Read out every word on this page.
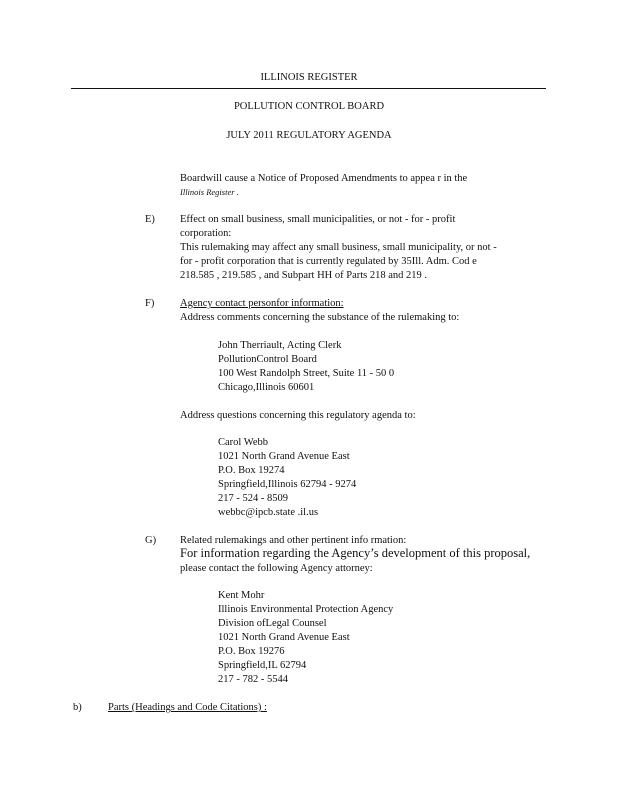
ILLINOIS REGISTER
POLLUTION CONTROL BOARD
JULY 2011 REGULATORY AGENDA
Boardwill cause a Notice of Proposed Amendments to appea r in the
Illinois Register .
E) Effect on small business, small municipalities, or not - for - profit
corporation:
This rulemaking may affect any small business, small municipality, or not -
for - profit corporation that is currently regulated by 35Ill. Adm. Cod e
218.585 , 219.585 , and Subpart HH of Parts 218 and 219 .
F) Agency contact personfor information:
Address comments concerning the substance of the rulemaking to:
John Therriault, Acting Clerk
PollutionControl Board
100 West Randolph Street, Suite 11 - 50 0
Chicago,Illinois 60601
Address questions concerning this regulatory agenda to:
Carol Webb
1021 North Grand Avenue East
P.O. Box 19274
Springfield,Illinois 62794 - 9274
217 - 524 - 8509
webbc@ipcb.state .il.us
G) Related rulemakings and other pertinent info rmation:
For information regarding the Agency’s development of this proposal,
please contact the following Agency attorney:
Kent Mohr
Illinois Environmental Protection Agency
Division ofLegal Counsel
1021 North Grand Avenue East
P.O. Box 19276
Springfield,IL 62794
217 - 782 - 5544
b)	Parts (Headings and Code Citations) :
